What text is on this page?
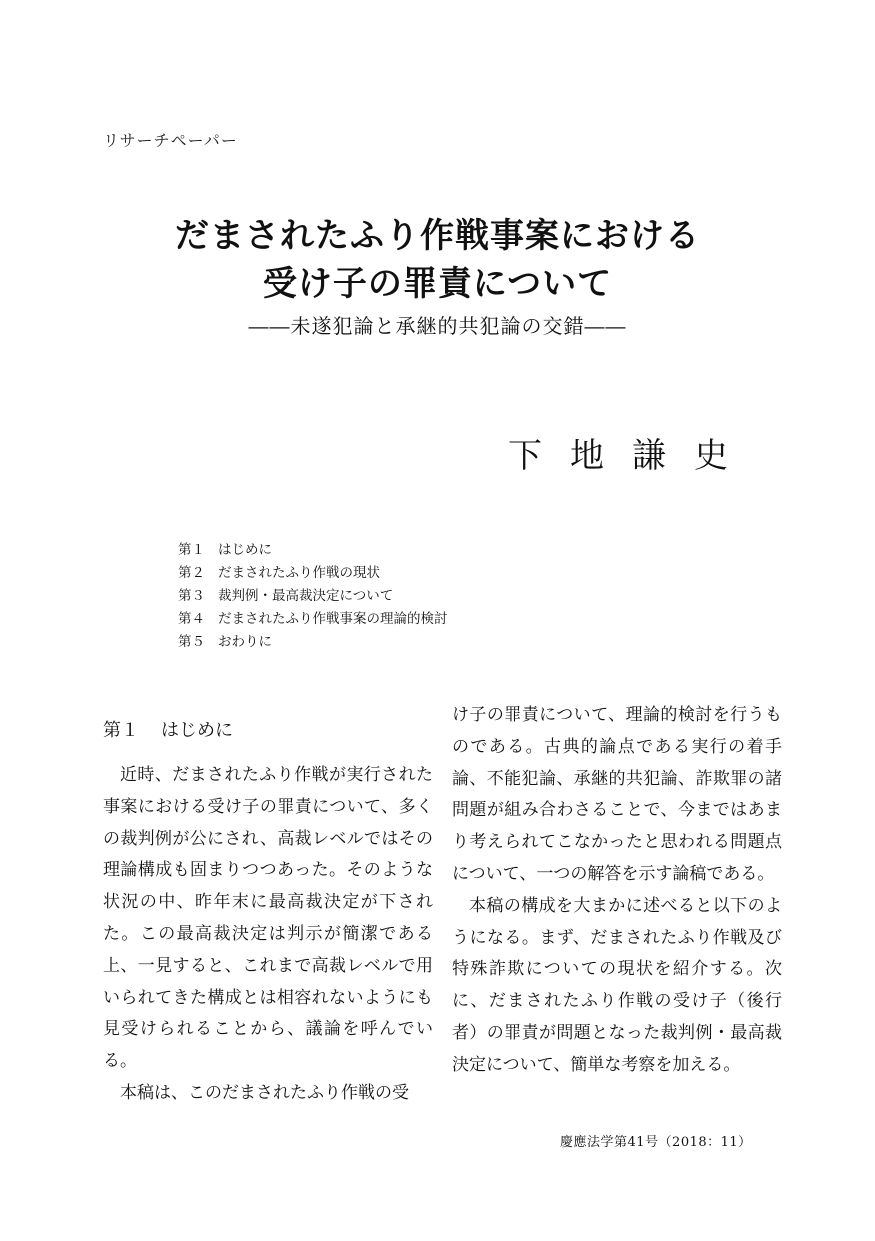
リサーチペーパー
だまされたふり作戦事案における
受け子の罪責について
――未遂犯論と承継的共犯論の交錯――
下地謙史
第１ はじめに
第２ だまされたふり作戦の現状
第３ 裁判例・最高裁決定について
第４ だまされたふり作戦事案の理論的検討
第５ おわりに
第１ はじめに

近時、だまされたふり作戦が実行された事案における受け子の罪責について、多くの裁判例が公にされ、高裁レベルではその理論構成も固まりつつあった。そのような状況の中、昨年末に最高裁決定が下された。この最高裁決定は判示が簡潔である上、一見すると、これまで高裁レベルで用いられてきた構成とは相容れないようにも見受けられることから、議論を呼んでいる。

本稿は、このだまされたふり作戦の受

け子の罪責について、理論的検討を行うものである。古典的論点である実行の着手論、不能犯論、承継的共犯論、詐欺罪の諸問題が組み合わさることで、今まではあまり考えられてこなかったと思われる問題点について、一つの解答を示す論稿である。

本稿の構成を大まかに述べると以下のようになる。まず、だまされたふり作戦及び特殊詐欺についての現状を紹介する。次に、だまされたふり作戦の受け子（後行者）の罪責が問題となった裁判例・最高裁決定について、簡単な考察を加える。

慶應法学第41号（2018：11）
